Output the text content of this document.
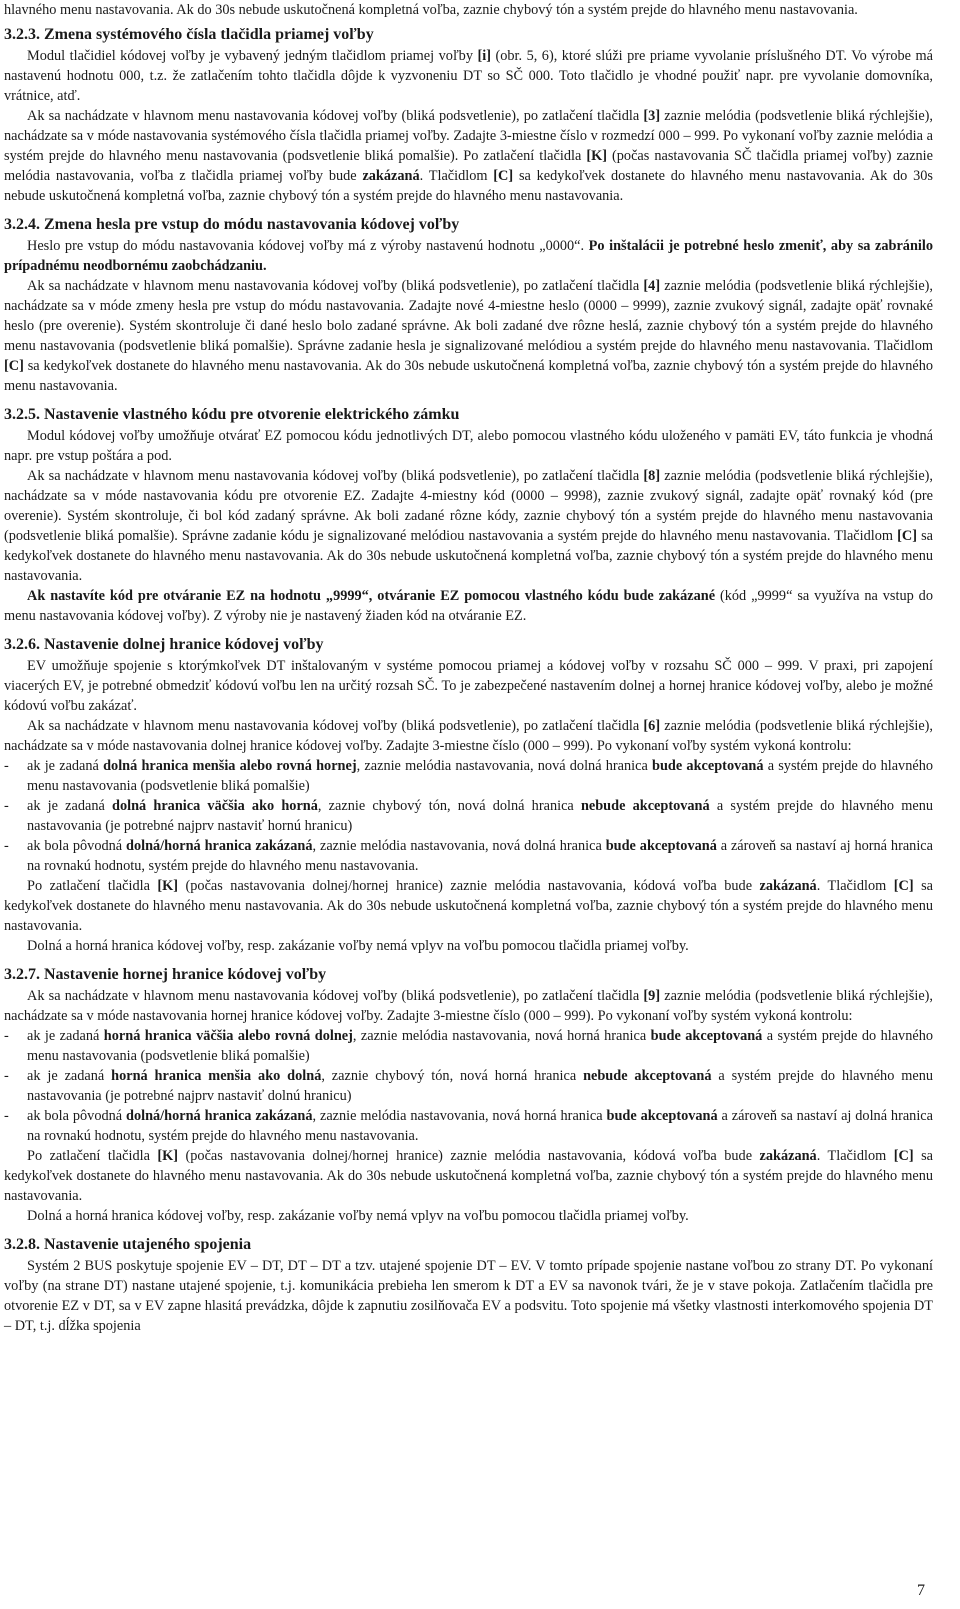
hlavného menu nastavovania. Ak do 30s nebude uskutočnená kompletná voľba, zaznie chybový tón a systém prejde do hlavného menu nastavovania.

3.2.3. Zmena systémového čísla tlačidla priamej voľby

Modul tlačidiel kódovej voľby je vybavený jedným tlačidlom priamej voľby [i] (obr. 5, 6), ktoré slúži pre priame vyvolanie príslušného DT. Vo výrobe má nastavenú hodnotu 000, t.z. že zatlačením tohto tlačidla dôjde k vyzvoneniu DT so SČ 000. Toto tlačidlo je vhodné použiť napr. pre vyvolanie domovníka, vrátnice, atď.

Ak sa nachádzate v hlavnom menu nastavovania kódovej voľby (bliká podsvetlenie), po zatlačení tlačidla [3] zaznie melódia (podsvetlenie bliká rýchlejšie), nachádzate sa v móde nastavovania systémového čísla tlačidla priamej voľby. Zadajte 3-miestne číslo v rozmedzí 000 – 999. Po vykonaní voľby zaznie melódia a systém prejde do hlavného menu nastavovania (podsvetlenie bliká pomalšie). Po zatlačení tlačidla [K] (počas nastavovania SČ tlačidla priamej voľby) zaznie melódia nastavovania, voľba z tlačidla priamej voľby bude zakázaná. Tlačidlom [C] sa kedykoľvek dostanete do hlavného menu nastavovania. Ak do 30s nebude uskutočnená kompletná voľba, zaznie chybový tón a systém prejde do hlavného menu nastavovania.

3.2.4. Zmena hesla pre vstup do módu nastavovania kódovej voľby

Heslo pre vstup do módu nastavovania kódovej voľby má z výroby nastavenú hodnotu „0000“. Po inštalácii je potrebné heslo zmeniť, aby sa zabránilo prípadnému neodbornému zaobchádzaniu.

Ak sa nachádzate v hlavnom menu nastavovania kódovej voľby (bliká podsvetlenie), po zatlačení tlačidla [4] zaznie melódia (podsvetlenie bliká rýchlejšie), nachádzate sa v móde zmeny hesla pre vstup do módu nastavovania. Zadajte nové 4-miestne heslo (0000 – 9999), zaznie zvukový signál, zadajte opäť rovnaké heslo (pre overenie). Systém skontroluje či dané heslo bolo zadané správne. Ak boli zadané dve rôzne heslá, zaznie chybový tón a systém prejde do hlavného menu nastavovania (podsvetlenie bliká pomalšie). Správne zadanie hesla je signalizované melódiou a systém prejde do hlavného menu nastavovania. Tlačidlom [C] sa kedykoľvek dostanete do hlavného menu nastavovania. Ak do 30s nebude uskutočnená kompletná voľba, zaznie chybový tón a systém prejde do hlavného menu nastavovania.

3.2.5. Nastavenie vlastného kódu pre otvorenie elektrického zámku

Modul kódovej voľby umožňuje otvárať EZ pomocou kódu jednotlivých DT, alebo pomocou vlastného kódu uloženého v pamäti EV, táto funkcia je vhodná napr. pre vstup poštára a pod.

Ak sa nachádzate v hlavnom menu nastavovania kódovej voľby (bliká podsvetlenie), po zatlačení tlačidla [8] zaznie melódia (podsvetlenie bliká rýchlejšie), nachádzate sa v móde nastavovania kódu pre otvorenie EZ. Zadajte 4-miestny kód (0000 – 9998), zaznie zvukový signál, zadajte opäť rovnaký kód (pre overenie). Systém skontroluje, či bol kód zadaný správne. Ak boli zadané rôzne kódy, zaznie chybový tón a systém prejde do hlavného menu nastavovania (podsvetlenie bliká pomalšie). Správne zadanie kódu je signalizované melódiou nastavovania a systém prejde do hlavného menu nastavovania. Tlačidlom [C] sa kedykoľvek dostanete do hlavného menu nastavovania. Ak do 30s nebude uskutočnená kompletná voľba, zaznie chybový tón a systém prejde do hlavného menu nastavovania.

Ak nastavíte kód pre otváranie EZ na hodnotu „9999“, otváranie EZ pomocou vlastného kódu bude zakázané (kód „9999“ sa využíva na vstup do menu nastavovania kódovej voľby). Z výroby nie je nastavený žiaden kód na otváranie EZ.

3.2.6. Nastavenie dolnej hranice kódovej voľby

EV umožňuje spojenie s ktorýmkoľvek DT inštalovaným v systéme pomocou priamej a kódovej voľby v rozsahu SČ 000 – 999. V praxi, pri zapojení viacerých EV, je potrebné obmedziť kódovú voľbu len na určitý rozsah SČ. To je zabezpečené nastavením dolnej a hornej hranice kódovej voľby, alebo je možné kódovú voľbu zakázať.

Ak sa nachádzate v hlavnom menu nastavovania kódovej voľby (bliká podsvetlenie), po zatlačení tlačidla [6] zaznie melódia (podsvetlenie bliká rýchlejšie), nachádzate sa v móde nastavovania dolnej hranice kódovej voľby. Zadajte 3-miestne číslo (000 – 999). Po vykonaní voľby systém vykoná kontrolu:

- ak je zadaná dolná hranica menšia alebo rovná hornej, zaznie melódia nastavovania, nová dolná hranica bude akceptovaná a systém prejde do hlavného menu nastavovania (podsvetlenie bliká pomalšie)
- ak je zadaná dolná hranica väčšia ako horná, zaznie chybový tón, nová dolná hranica nebude akceptovaná a systém prejde do hlavného menu nastavovania (je potrebné najprv nastaviť hornú hranicu)
- ak bola pôvodná dolná/horná hranica zakázaná, zaznie melódia nastavovania, nová dolná hranica bude akceptovaná a zároveň sa nastaví aj horná hranica na rovnakú hodnotu, systém prejde do hlavného menu nastavovania.

Po zatlačení tlačidla [K] (počas nastavovania dolnej/hornej hranice) zaznie melódia nastavovania, kódová voľba bude zakázaná. Tlačidlom [C] sa kedykoľvek dostanete do hlavného menu nastavovania. Ak do 30s nebude uskutočnená kompletná voľba, zaznie chybový tón a systém prejde do hlavného menu nastavovania.

Dolná a horná hranica kódovej voľby, resp. zakázanie voľby nemá vplyv na voľbu pomocou tlačidla priamej voľby.

3.2.7. Nastavenie hornej hranice kódovej voľby

Ak sa nachádzate v hlavnom menu nastavovania kódovej voľby (bliká podsvetlenie), po zatlačení tlačidla [9] zaznie melódia (podsvetlenie bliká rýchlejšie), nachádzate sa v móde nastavovania hornej hranice kódovej voľby. Zadajte 3-miestne číslo (000 – 999). Po vykonaní voľby systém vykoná kontrolu:

- ak je zadaná horná hranica väčšia alebo rovná dolnej, zaznie melódia nastavovania, nová horná hranica bude akceptovaná a systém prejde do hlavného menu nastavovania (podsvetlenie bliká pomalšie)
- ak je zadaná horná hranica menšia ako dolná, zaznie chybový tón, nová horná hranica nebude akceptovaná a systém prejde do hlavného menu nastavovania (je potrebné najprv nastaviť dolnú hranicu)
- ak bola pôvodná dolná/horná hranica zakázaná, zaznie melódia nastavovania, nová horná hranica bude akceptovaná a zároveň sa nastaví aj dolná hranica na rovnakú hodnotu, systém prejde do hlavného menu nastavovania.

Po zatlačení tlačidla [K] (počas nastavovania dolnej/hornej hranice) zaznie melódia nastavovania, kódová voľba bude zakázaná. Tlačidlom [C] sa kedykoľvek dostanete do hlavného menu nastavovania. Ak do 30s nebude uskutočnená kompletná voľba, zaznie chybový tón a systém prejde do hlavného menu nastavovania.

Dolná a horná hranica kódovej voľby, resp. zakázanie voľby nemá vplyv na voľbu pomocou tlačidla priamej voľby.

3.2.8. Nastavenie utajeného spojenia

Systém 2 BUS poskytuje spojenie EV – DT, DT – DT a tzv. utajené spojenie DT – EV. V tomto prípade spojenie nastane voľbou zo strany DT. Po vykonaní voľby (na strane DT) nastane utajené spojenie, t.j. komunikácia prebieha len smerom k DT a EV sa navonok tvári, že je v stave pokoja. Zatlačením tlačidla pre otvorenie EZ v DT, sa v EV zapne hlasitá prevádzka, dôjde k zapnutiu zosilňovača EV a podsvitu. Toto spojenie má všetky vlastnosti interkomového spojenia DT – DT, t.j. dĺžka spojenia

7
